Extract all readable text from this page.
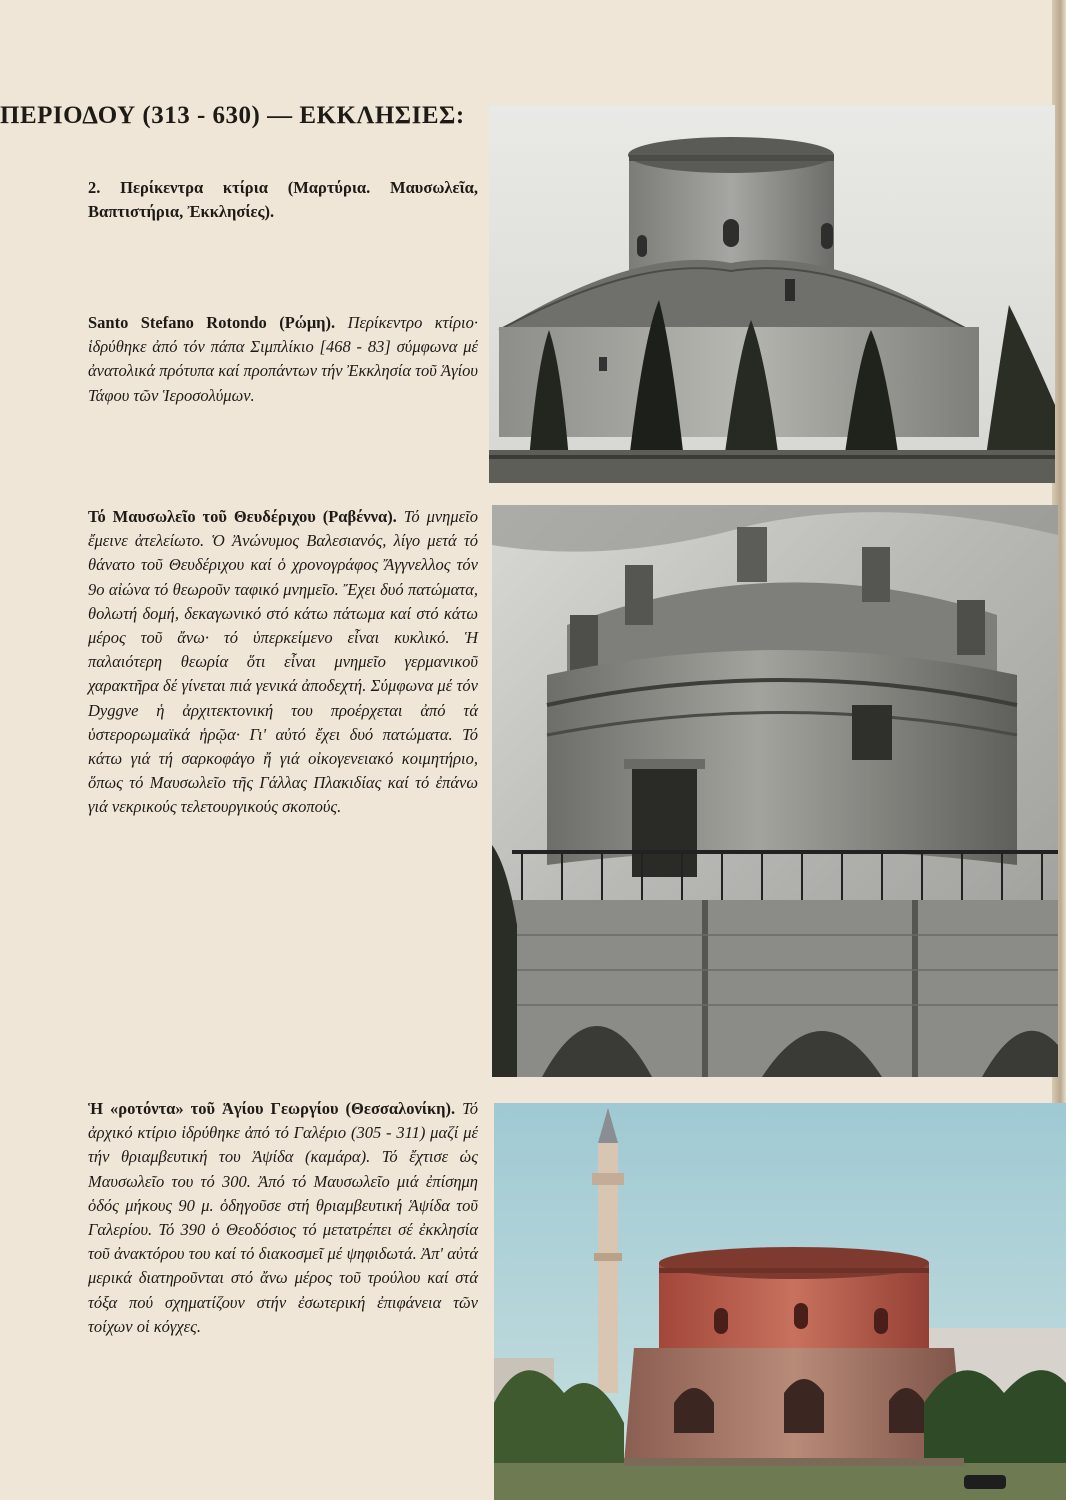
ΠΕΡΙΟΔΟΥ (313 - 630) — ΕΚΚΛΗΣΙΕΣ:
2. Περίκεντρα κτίρια (Μαρτύρια. Μαυσωλεῖα, Βαπτιστήρια, Ἐκκλησίες).
Santo Stefano Rotondo (Ρώμη). Περίκεντρο κτίριο· ἱδρύθηκε ἀπό τόν πάπα Σιμπλίκιο [468 - 83] σύμφωνα μέ ἀνατολικά πρότυπα καί προπάντων τήν Ἐκκλησία τοῦ Ἁγίου Τάφου τῶν Ἱεροσολύμων.
Τό Μαυσωλεῖο τοῦ Θευδέριχου (Ραβέννα). Τό μνημεῖο ἔμεινε ἀτελείωτο. Ὁ Ἀνώνυμος Βαλεσιανός, λίγο μετά τό θάνατο τοῦ Θευδέριχου καί ὁ χρονογράφος Ἄγγνελλος τόν 9ο αἰώνα τό θεωροῦν ταφικό μνημεῖο. Ἔχει δυό πατώματα, θολωτή δομή, δεκαγωνικό στό κάτω πάτωμα καί στό κάτω μέρος τοῦ ἄνω· τό ὑπερκείμενο εἶναι κυκλικό. Ἡ παλαιότερη θεωρία ὅτι εἶναι μνημεῖο γερμανικοῦ χαρακτῆρα δέ γίνεται πιά γενικά ἀποδεχτή. Σύμφωνα μέ τόν Dyggve ἡ ἀρχιτεκτονική του προέρχεται ἀπό τά ὑστερορωμαϊκά ἡρῷα· Γι' αὐτό ἔχει δυό πατώματα. Τό κάτω γιά τή σαρκοφάγο ἤ γιά οἰκογενειακό κοιμητήριο, ὅπως τό Μαυσωλεῖο τῆς Γάλλας Πλακιδίας καί τό ἐπάνω γιά νεκρικούς τελετουργικούς σκοπούς.
Ἡ «ροτόντα» τοῦ Ἁγίου Γεωργίου (Θεσσαλονίκη). Τό ἀρχικό κτίριο ἱδρύθηκε ἀπό τό Γαλέριο (305 - 311) μαζί μέ τήν θριαμβευτική του Ἁψίδα (καμάρα). Τό ἔχτισε ὡς Μαυσωλεῖο του τό 300. Ἀπό τό Μαυσωλεῖο μιά ἐπίσημη ὁδός μήκους 90 μ. ὁδηγοῦσε στή θριαμβευτική Ἁψίδα τοῦ Γαλερίου. Τό 390 ὁ Θεοδόσιος τό μετατρέπει σέ ἐκκλησία τοῦ ἀνακτόρου του καί τό διακοσμεῖ μέ ψηφιδωτά. Ἀπ' αὐτά μερικά διατηροῦνται στό ἄνω μέρος τοῦ τρούλου καί στά τόξα πού σχηματίζουν στήν ἐσωτερική ἐπιφάνεια τῶν τοίχων οἱ κόγχες.
